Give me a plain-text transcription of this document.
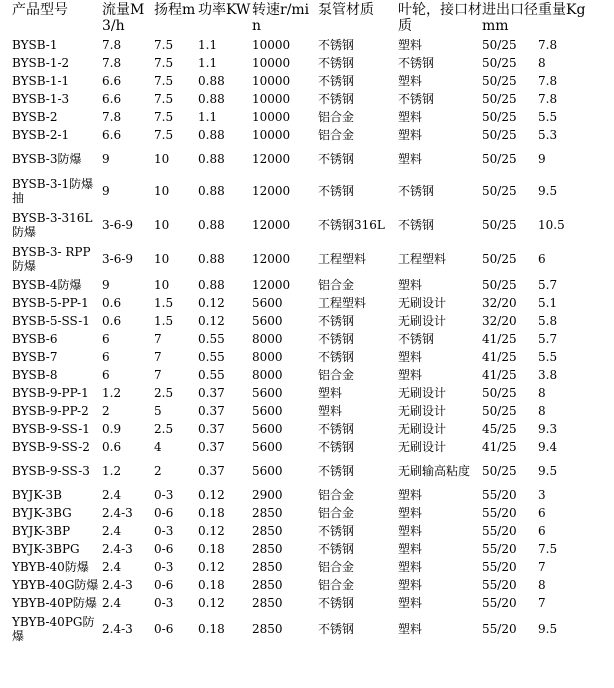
产品型号	流量M3/h	扬程m	功率KW	转速r/min	泵管材质	叶轮，接口材质	进出口径mm	重量Kg
BYSB-1	7.8	7.5	1.1	10000	不锈钢	塑料	50/25	7.8
BYSB-1-2	7.8	7.5	1.1	10000	不锈钢	不锈钢	50/25	8
BYSB-1-1	6.6	7.5	0.88	10000	不锈钢	塑料	50/25	7.8
BYSB-1-3	6.6	7.5	0.88	10000	不锈钢	不锈钢	50/25	7.8
BYSB-2	7.8	7.5	1.1	10000	铝合金	塑料	50/25	5.5
BYSB-2-1	6.6	7.5	0.88	10000	铝合金	塑料	50/25	5.3
BYSB-3防爆	9	10	0.88	12000	不锈钢	塑料	50/25	9
BYSB-3-1防爆抽	9	10	0.88	12000	不锈钢	不锈钢	50/25	9.5
BYSB-3-316L防爆	3-6-9	10	0.88	12000	不锈钢316L	不锈钢	50/25	10.5
BYSB-3- RPP防爆	3-6-9	10	0.88	12000	工程塑料	工程塑料	50/25	6
BYSB-4防爆	9	10	0.88	12000	铝合金	塑料	50/25	5.7
BYSB-5-PP-1	0.6	1.5	0.12	5600	工程塑料	无刷设计	32/20	5.1
BYSB-5-SS-1	0.6	1.5	0.12	5600	不锈钢	无刷设计	32/20	5.8
BYSB-6	6	7	0.55	8000	不锈钢	不锈钢	41/25	5.7
BYSB-7	6	7	0.55	8000	不锈钢	塑料	41/25	5.5
BYSB-8	6	7	0.55	8000	铝合金	塑料	41/25	3.8
BYSB-9-PP-1	1.2	2.5	0.37	5600	塑料	无刷设计	50/25	8
BYSB-9-PP-2	2	5	0.37	5600	塑料	无刷设计	50/25	8
BYSB-9-SS-1	0.9	2.5	0.37	5600	不锈钢	无刷设计	45/25	9.3
BYSB-9-SS-2	0.6	4	0.37	5600	不锈钢	无刷设计	41/25	9.4
BYSB-9-SS-3	1.2	2	0.37	5600	不锈钢	无刷输高粘度	50/25	9.5
BYJK-3B	2.4	0-3	0.12	2900	铝合金	塑料	55/20	3
BYJK-3BG	2.4-3	0-6	0.18	2850	铝合金	塑料	55/20	6
BYJK-3BP	2.4	0-3	0.12	2850	不锈钢	塑料	55/20	6
BYJK-3BPG	2.4-3	0-6	0.18	2850	不锈钢	塑料	55/20	7.5
YBYB-40防爆	2.4	0-3	0.12	2850	铝合金	塑料	55/20	7
YBYB-40G防爆	2.4-3	0-6	0.18	2850	铝合金	塑料	55/20	8
YBYB-40P防爆	2.4	0-3	0.12	2850	不锈钢	塑料	55/20	7
YBYB-40PG防爆	2.4-3	0-6	0.18	2850	不锈钢	塑料	55/20	9.5
